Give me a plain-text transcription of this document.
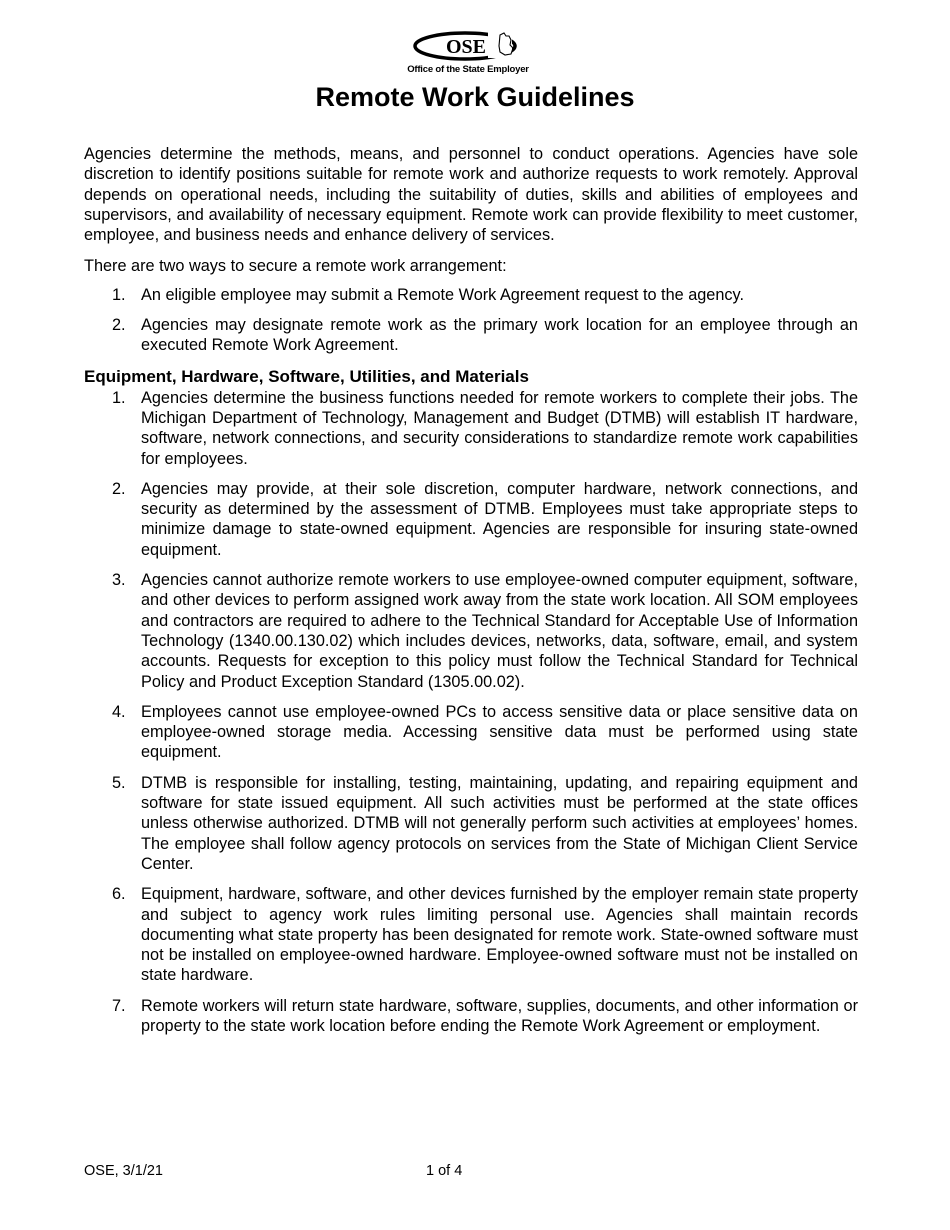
OSE
Office of the State Employer
Remote Work Guidelines

Agencies determine the methods, means, and personnel to conduct operations. Agencies have sole discretion to identify positions suitable for remote work and authorize requests to work remotely. Approval depends on operational needs, including the suitability of duties, skills and abilities of employees and supervisors, and availability of necessary equipment. Remote work can provide flexibility to meet customer, employee, and business needs and enhance delivery of services.

There are two ways to secure a remote work arrangement:

1. An eligible employee may submit a Remote Work Agreement request to the agency.
2. Agencies may designate remote work as the primary work location for an employee through an executed Remote Work Agreement.
Equipment, Hardware, Software, Utilities, and Materials
1. Agencies determine the business functions needed for remote workers to complete their jobs. The Michigan Department of Technology, Management and Budget (DTMB) will establish IT hardware, software, network connections, and security considerations to standardize remote work capabilities for employees.
2. Agencies may provide, at their sole discretion, computer hardware, network connections, and security as determined by the assessment of DTMB. Employees must take appropriate steps to minimize damage to state-owned equipment. Agencies are responsible for insuring state-owned equipment.
3. Agencies cannot authorize remote workers to use employee-owned computer equipment, software, and other devices to perform assigned work away from the state work location. All SOM employees and contractors are required to adhere to the Technical Standard for Acceptable Use of Information Technology (1340.00.130.02) which includes devices, networks, data, software, email, and system accounts. Requests for exception to this policy must follow the Technical Standard for Technical Policy and Product Exception Standard (1305.00.02).
4. Employees cannot use employee-owned PCs to access sensitive data or place sensitive data on employee-owned storage media. Accessing sensitive data must be performed using state equipment.
5. DTMB is responsible for installing, testing, maintaining, updating, and repairing equipment and software for state issued equipment. All such activities must be performed at the state offices unless otherwise authorized. DTMB will not generally perform such activities at employees’ homes. The employee shall follow agency protocols on services from the State of Michigan Client Service Center.
6. Equipment, hardware, software, and other devices furnished by the employer remain state property and subject to agency work rules limiting personal use. Agencies shall maintain records documenting what state property has been designated for remote work. State-owned software must not be installed on employee-owned hardware. Employee-owned software must not be installed on state hardware.
7. Remote workers will return state hardware, software, supplies, documents, and other information or property to the state work location before ending the Remote Work Agreement or employment.
OSE, 3/1/21	1 of 4
